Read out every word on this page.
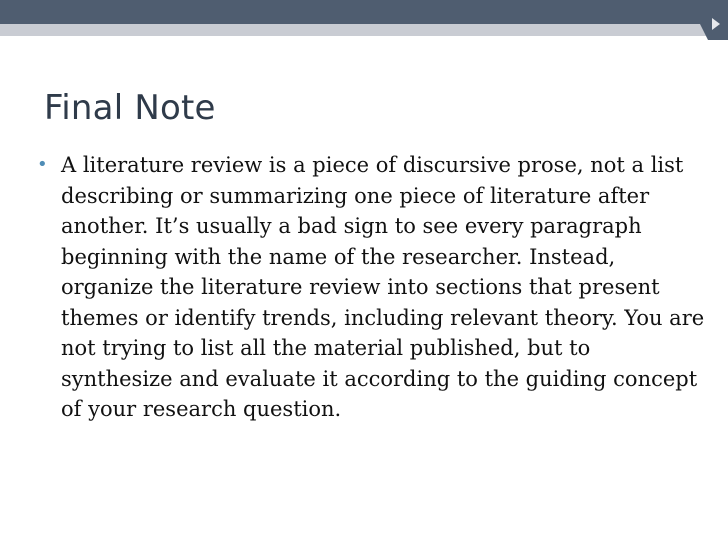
Final Note
• A literature review is a piece of discursive prose, not a list describing or summarizing one piece of literature after another. It’s usually a bad sign to see every paragraph beginning with the name of the researcher. Instead, organize the literature review into sections that present themes or identify trends, including relevant theory. You are not trying to list all the material published, but to synthesize and evaluate it according to the guiding concept of your research question.
